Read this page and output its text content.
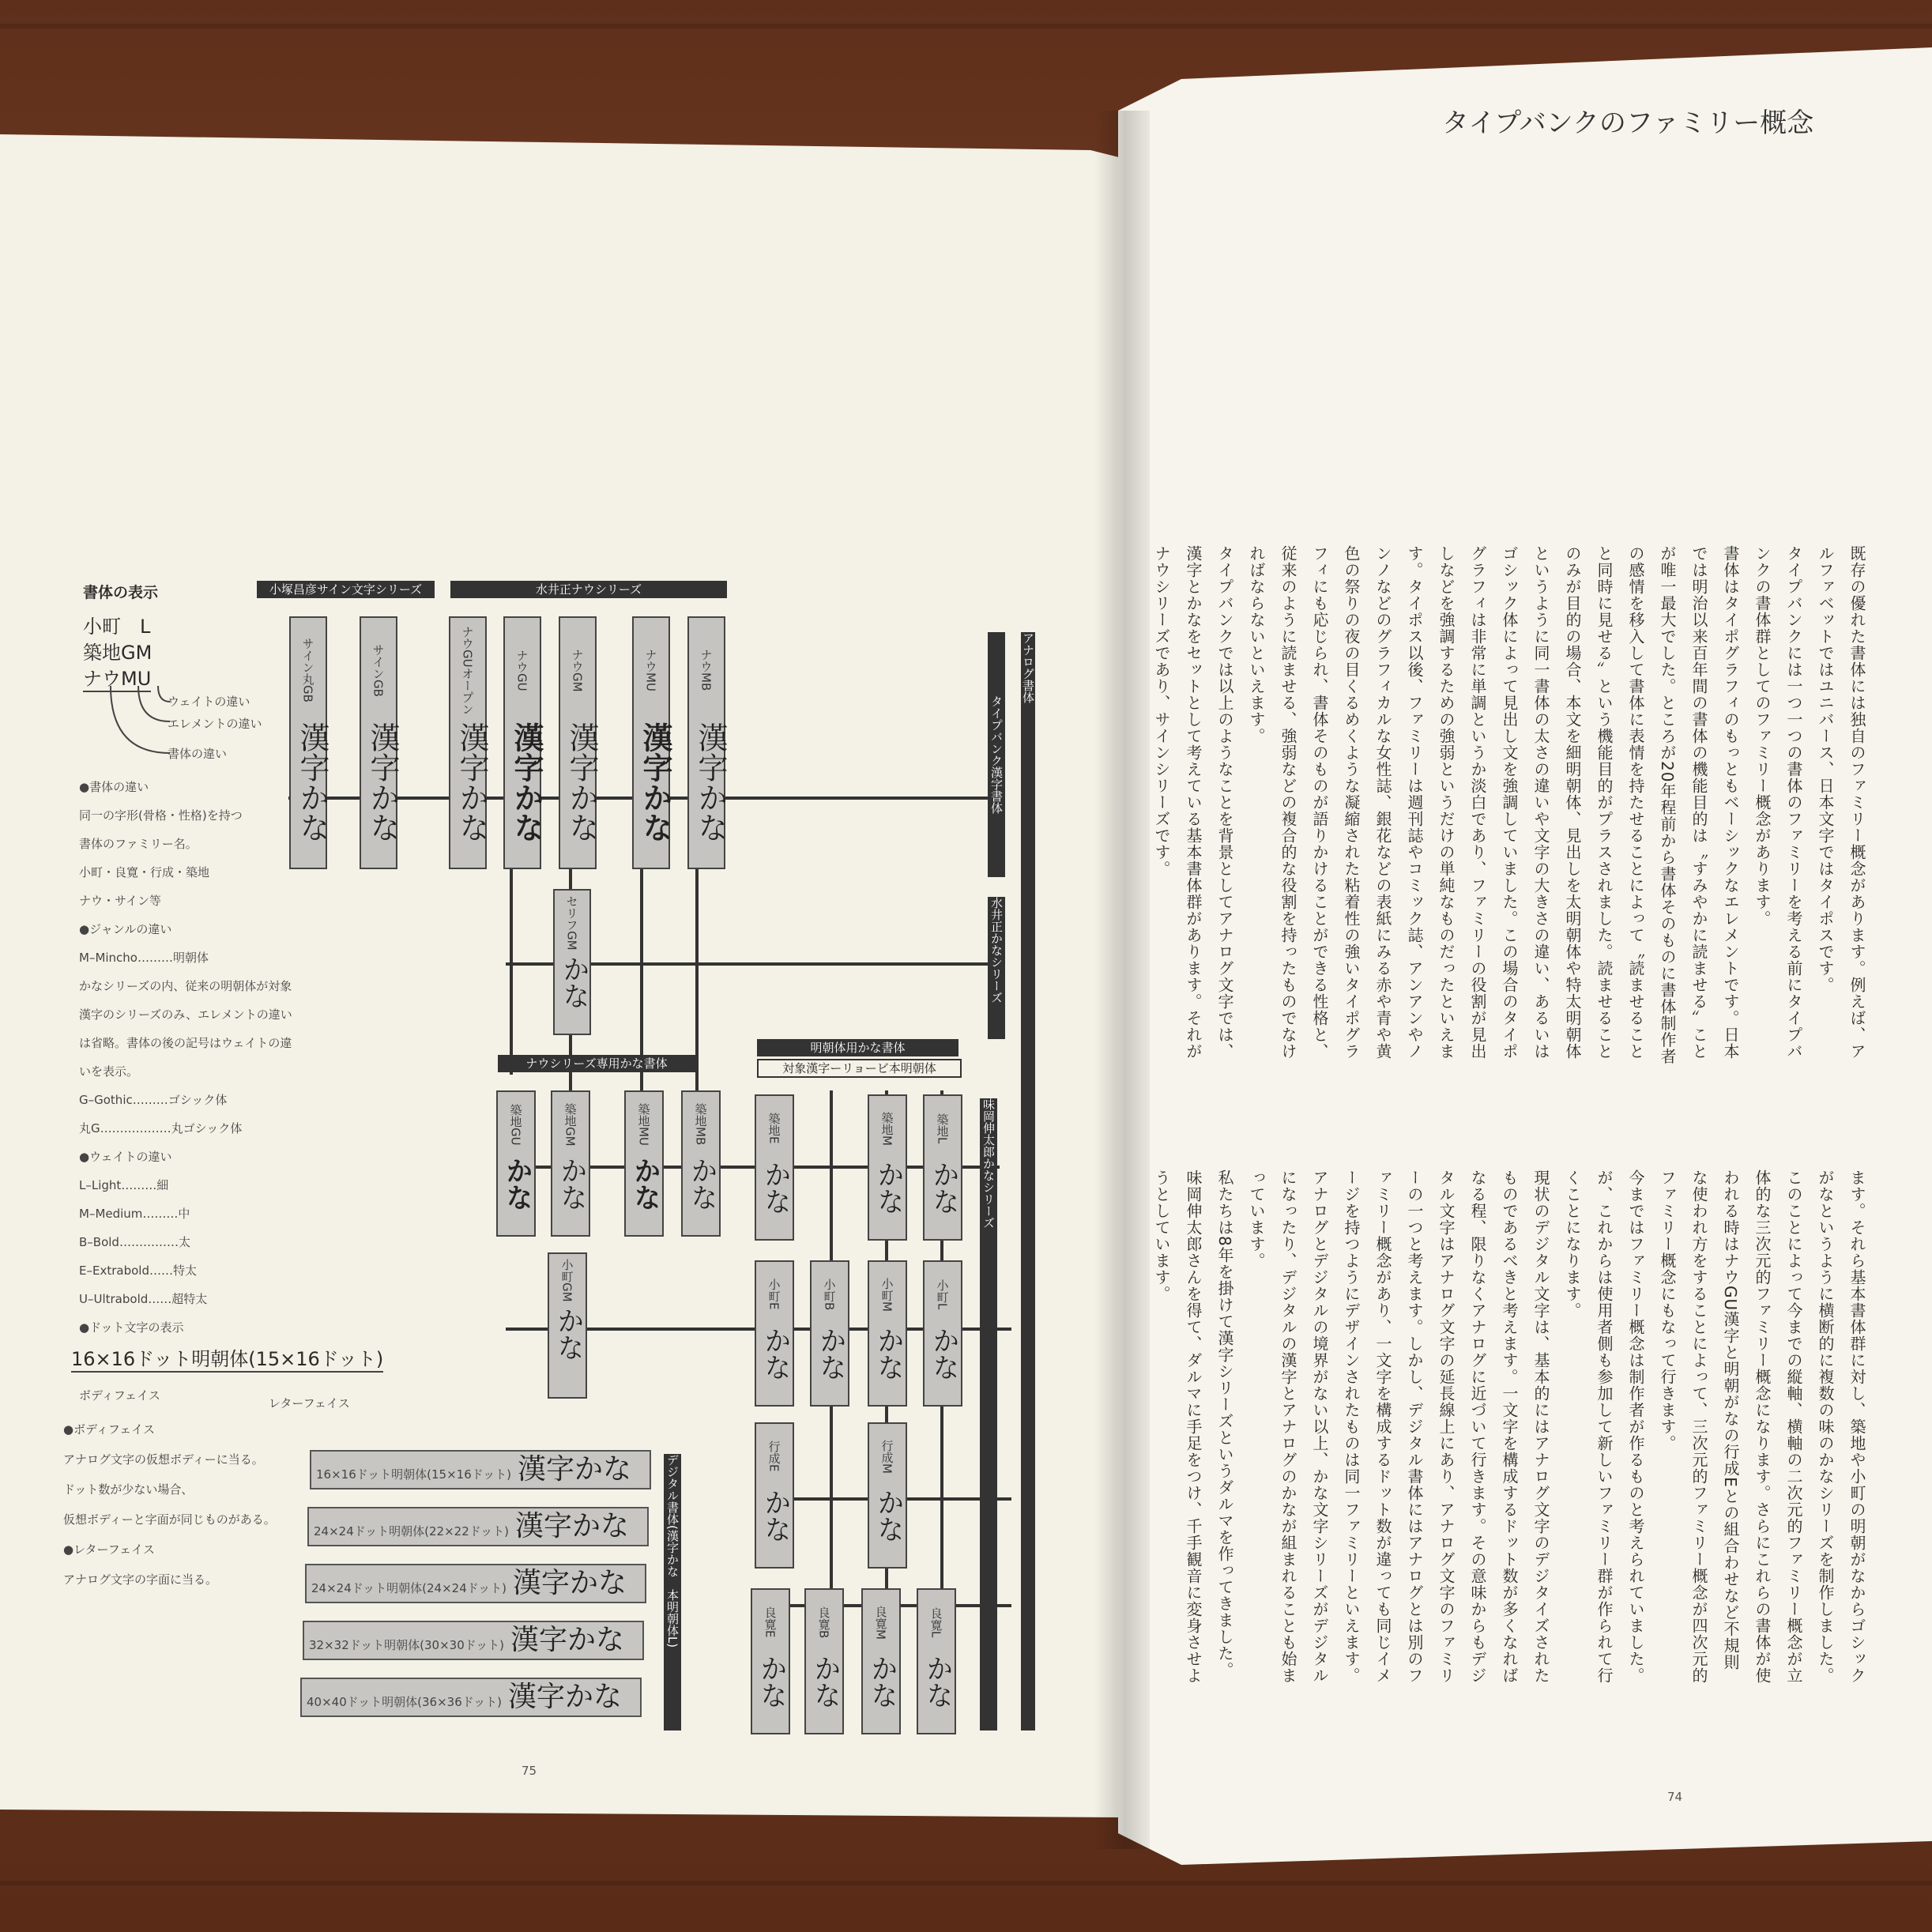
タイプバンクのファミリー概念
既存の優れた書体には独自のファミリー概念があります。例えば、ア
ルファベットではユニバース、日本文字ではタイポスです。
タイプバンクには一つ一つの書体のファミリーを考える前にタイプバ
ンクの書体群としてのファミリー概念があります。
書体はタイポグラフィのもっともベーシックなエレメントです。日本
では明治以来百年間の書体の機能目的は〝すみやかに読ませる〟こと
が唯一最大でした。ところが20年程前から書体そのものに書体制作者
の感情を移入して書体に表情を持たせることによって〝読ませること
と同時に見せる〟という機能目的がプラスされました。読ませること
のみが目的の場合、本文を細明朝体、見出しを太明朝体や特太明朝体
というように同一書体の太さの違いや文字の大きさの違い、あるいは
ゴシック体によって見出し文を強調していました。この場合のタイポ
グラフィは非常に単調というか淡白であり、ファミリーの役割が見出
しなどを強調するための強弱というだけの単純なものだったといえま
す。タイポス以後、ファミリーは週刊誌やコミック誌、アンアンやノ
ンノなどのグラフィカルな女性誌、銀花などの表紙にみる赤や青や黄
色の祭りの夜の目くるめくような凝縮された粘着性の強いタイポグラ
フィにも応じられ、書体そのものが語りかけることができる性格と、
従来のように読ませる、強弱などの複合的な役割を持ったものでなけ
ればならないといえます。
タイプバンクでは以上のようなことを背景としてアナログ文字では、
漢字とかなをセットとして考えている基本書体群があります。それが
ナウシリーズであり、サインシリーズです。
ます。それら基本書体群に対し、築地や小町の明朝がなからゴシック
がなというように横断的に複数の味のかなシリーズを制作しました。
このことによって今までの縦軸、横軸の二次元的ファミリー概念が立
体的な三次元的ファミリー概念になります。さらにこれらの書体が使
われる時はナウGU漢字と明朝がなの行成Eとの組合わせなど不規則
な使われ方をすることによって、三次元的ファミリー概念が四次元的
ファミリー概念にもなって行きます。
今まではファミリー概念は制作者が作るものと考えられていました。
が、これからは使用者側も参加して新しいファミリー群が作られて行
くことになります。
現状のデジタル文字は、基本的にはアナログ文字のデジタイズされた
ものであるべきと考えます。一文字を構成するドット数が多くなれば
なる程、限りなくアナログに近づいて行きます。その意味からもデジ
タル文字はアナログ文字の延長線上にあり、アナログ文字のファミリ
ーの一つと考えます。しかし、デジタル書体にはアナログとは別のフ
ァミリー概念があり、一文字を構成するドット数が違っても同じイメ
ージを持つようにデザインされたものは同一ファミリーといえます。
アナログとデジタルの境界がない以上、かな文字シリーズがデジタル
になったり、デジタルの漢字とアナログのかなが組まれることも始ま
っています。
私たちは8年を掛けて漢字シリーズというダルマを作ってきました。
味岡伸太郎さんを得て、ダルマに手足をつけ、千手観音に変身させよ
うとしています。
74
書体の表示
小町　L
築地GM
ナウMU
ウェイトの違い
エレメントの違い
書体の違い
●書体の違い
同一の字形(骨格・性格)を持つ
書体のファミリー名。
小町・良寛・行成・築地
ナウ・サイン等
●ジャンルの違い
M–Mincho………明朝体
かなシリーズの内、従来の明朝体が対象
漢字のシリーズのみ、エレメントの違い
は省略。書体の後の記号はウェイトの違
いを表示。
G–Gothic………ゴシック体
丸G………………丸ゴシック体
●ウェイトの違い
L–Light………細
M–Medium………中
B–Bold……………太
E–Extrabold……特太
U–Ultrabold……超特太
●ドット文字の表示
16×16ドット明朝体(15×16ドット)
ボディフェイス
レターフェイス
●ボディフェイス
アナログ文字の仮想ボディーに当る。
ドット数が少ない場合、
仮想ボディーと字面が同じものがある。
●レターフェイス
アナログ文字の字面に当る。
タイプバンク漢字書体
アナログ書体
水井正かなシリーズ
味岡伸太郎かなシリーズ
小塚昌彦サイン文字シリーズ	水井正ナウシリーズ
ナウシリーズ専用かな書体
明朝体用かな書体
対象漢字ーリョービ本明朝体
サイン丸GB
漢字かな
サインGB
漢字かな
ナウGUオープン
漢字かな
ナウGU
漢字かな
ナウGM
漢字かな
ナウMU
漢字かな
ナウMB
漢字かな
セリフGM
かな
築地GU
かな
築地GM
かな
築地MU
かな
築地MB
かな
小町GM
かな
築地E
かな
築地M
かな
築地L
かな
小町E
かな
小町B
かな
小町M
かな
小町L
かな
行成E
かな
行成M
かな
良寛E
かな
良寛B
かな
良寛M
かな
良寛L
かな
デジタル書体(漢字かな　本明朝体L)
16×16ドット明朝体(15×16ドット) 漢字かな
24×24ドット明朝体(22×22ドット) 漢字かな
24×24ドット明朝体(24×24ドット) 漢字かな
32×32ドット明朝体(30×30ドット) 漢字かな
40×40ドット明朝体(36×36ドット) 漢字かな
75
